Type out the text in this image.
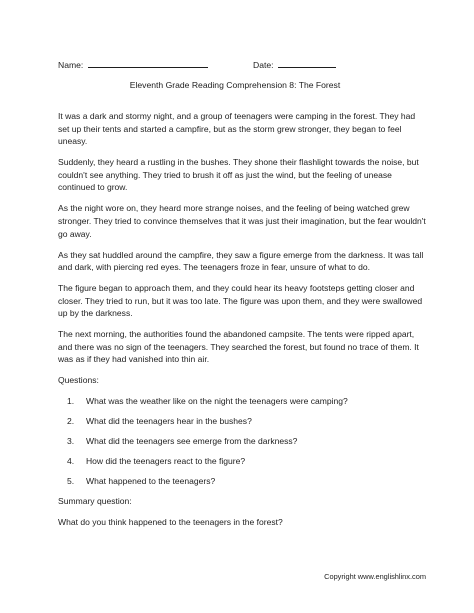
Name:	Date:
Eleventh Grade Reading Comprehension 8: The Forest

It was a dark and stormy night, and a group of teenagers were camping in the forest. They had set up their tents and started a campfire, but as the storm grew stronger, they began to feel uneasy.

Suddenly, they heard a rustling in the bushes. They shone their flashlight towards the noise, but couldn't see anything. They tried to brush it off as just the wind, but the feeling of unease continued to grow.

As the night wore on, they heard more strange noises, and the feeling of being watched grew stronger. They tried to convince themselves that it was just their imagination, but the fear wouldn't go away.

As they sat huddled around the campfire, they saw a figure emerge from the darkness. It was tall and dark, with piercing red eyes. The teenagers froze in fear, unsure of what to do.

The figure began to approach them, and they could hear its heavy footsteps getting closer and closer. They tried to run, but it was too late. The figure was upon them, and they were swallowed up by the darkness.

The next morning, the authorities found the abandoned campsite. The tents were ripped apart, and there was no sign of the teenagers. They searched the forest, but found no trace of them. It was as if they had vanished into thin air.

Questions:
1. What was the weather like on the night the teenagers were camping?
2. What did the teenagers hear in the bushes?
3. What did the teenagers see emerge from the darkness?
4. How did the teenagers react to the figure?
5. What happened to the teenagers?
Summary question:
What do you think happened to the teenagers in the forest?
Copyright www.englishlinx.com
